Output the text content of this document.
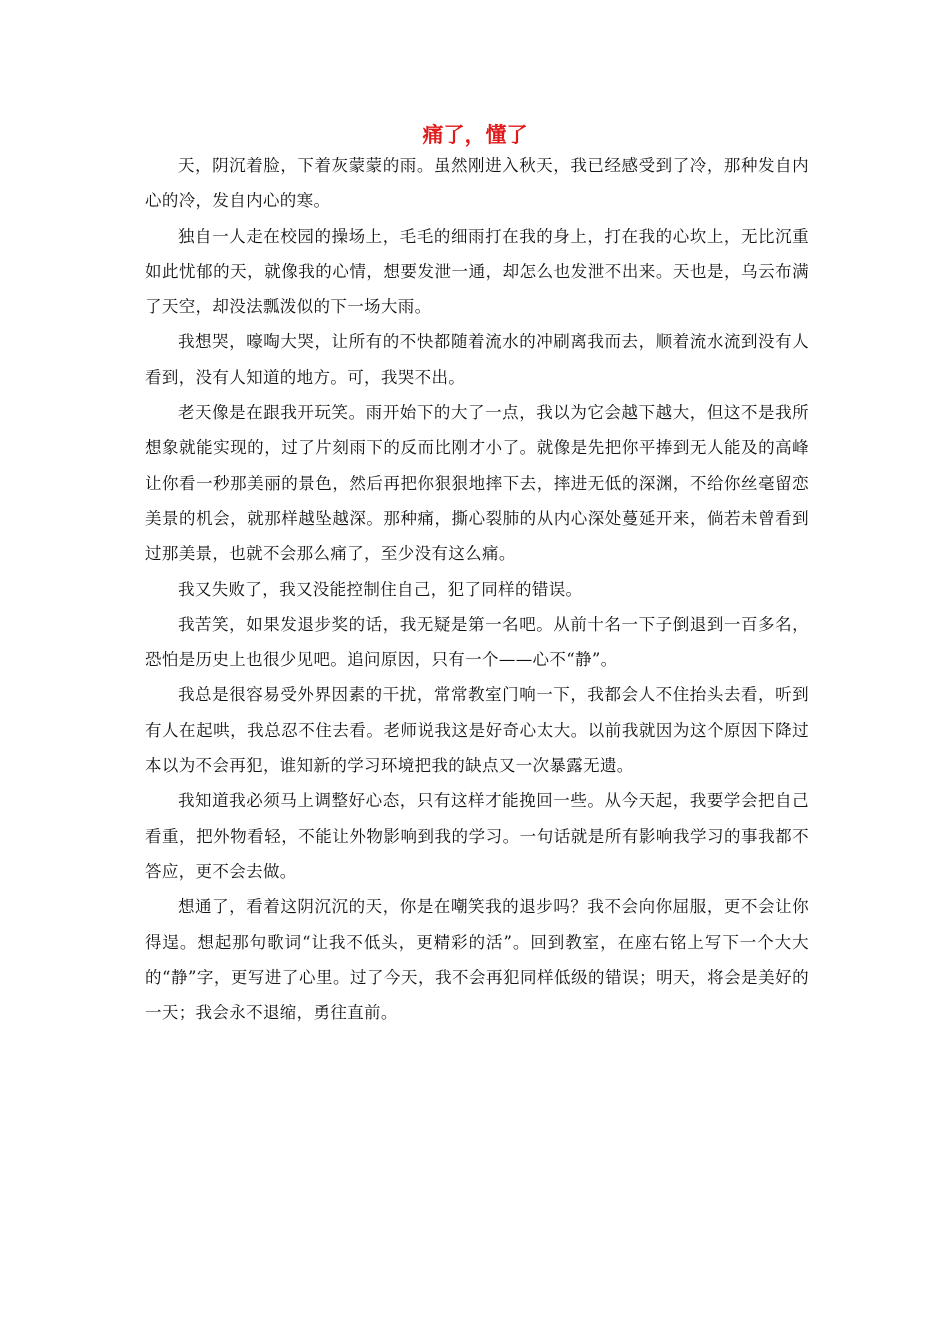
痛了，懂了

天，阴沉着脸，下着灰蒙蒙的雨。虽然刚进入秋天，我已经感受到了冷，那种发自内心的冷，发自内心的寒。

独自一人走在校园的操场上，毛毛的细雨打在我的身上，打在我的心坎上，无比沉重如此忧郁的天，就像我的心情，想要发泄一通，却怎么也发泄不出来。天也是，乌云布满了天空，却没法瓢泼似的下一场大雨。

我想哭，嚎啕大哭，让所有的不快都随着流水的冲刷离我而去，顺着流水流到没有人看到，没有人知道的地方。可，我哭不出。

老天像是在跟我开玩笑。雨开始下的大了一点，我以为它会越下越大，但这不是我所想象就能实现的，过了片刻雨下的反而比刚才小了。就像是先把你平捧到无人能及的高峰让你看一秒那美丽的景色，然后再把你狠狠地摔下去，摔进无低的深渊，不给你丝毫留恋美景的机会，就那样越坠越深。那种痛，撕心裂肺的从内心深处蔓延开来，倘若未曾看到过那美景，也就不会那么痛了，至少没有这么痛。

我又失败了，我又没能控制住自己，犯了同样的错误。

我苦笑，如果发退步奖的话，我无疑是第一名吧。从前十名一下子倒退到一百多名，恐怕是历史上也很少见吧。追问原因，只有一个——心不“静”。

我总是很容易受外界因素的干扰，常常教室门响一下，我都会人不住抬头去看，听到有人在起哄，我总忍不住去看。老师说我这是好奇心太大。以前我就因为这个原因下降过本以为不会再犯，谁知新的学习环境把我的缺点又一次暴露无遗。

我知道我必须马上调整好心态，只有这样才能挽回一些。从今天起，我要学会把自己看重，把外物看轻，不能让外物影响到我的学习。一句话就是所有影响我学习的事我都不答应，更不会去做。

想通了，看着这阴沉沉的天，你是在嘲笑我的退步吗？我不会向你屈服，更不会让你得逞。想起那句歌词“让我不低头，更精彩的活”。回到教室，在座右铭上写下一个大大的“静”字，更写进了心里。过了今天，我不会再犯同样低级的错误；明天，将会是美好的一天；我会永不退缩，勇往直前。
